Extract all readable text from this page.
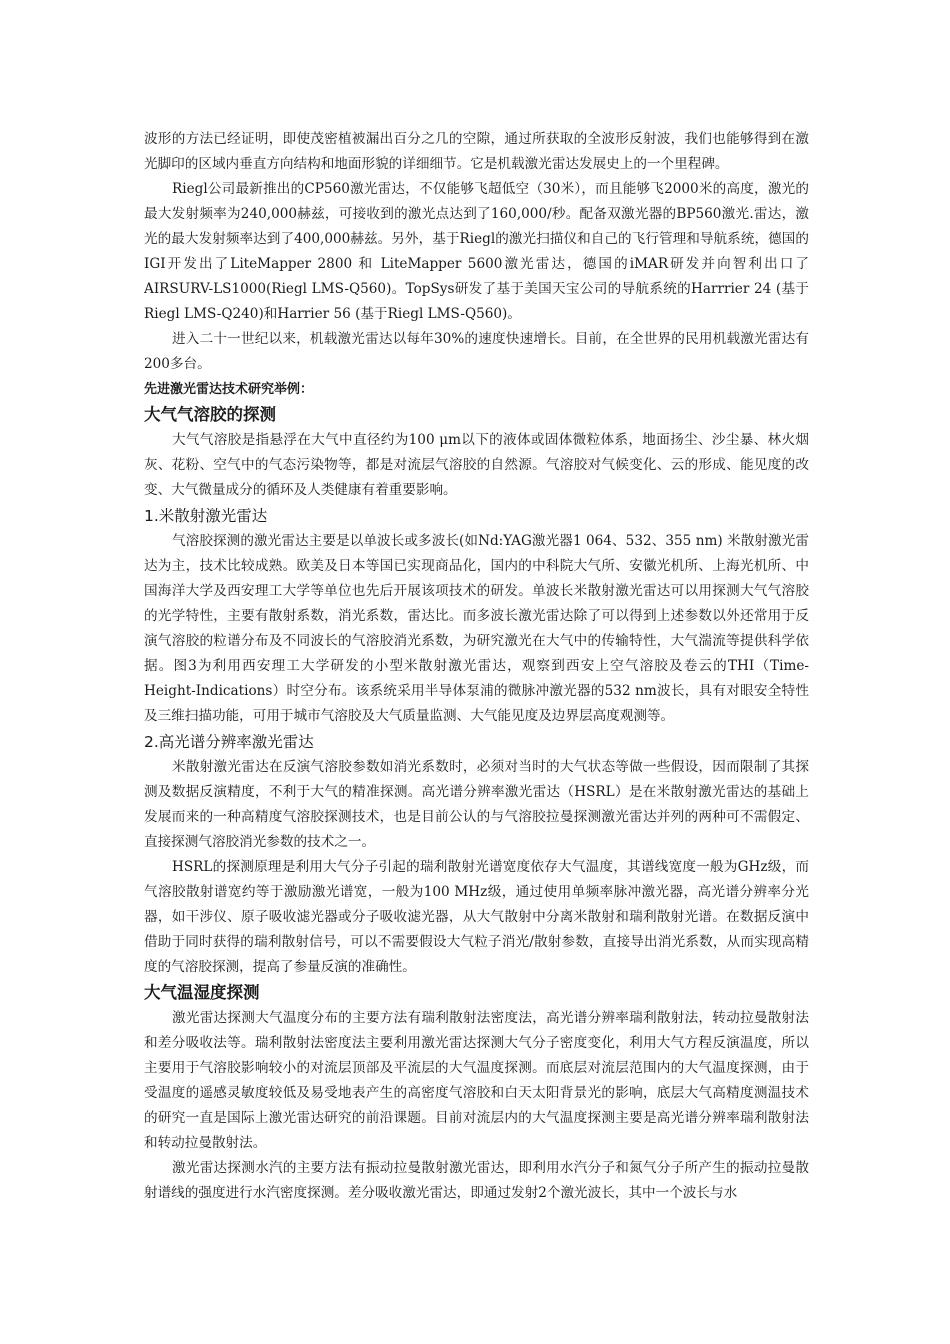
波形的方法已经证明，即使茂密植被漏出百分之几的空隙，通过所获取的全波形反射波，我们也能够得到在激光脚印的区域内垂直方向结构和地面形貌的详细细节。它是机载激光雷达发展史上的一个里程碑。

Riegl公司最新推出的CP560激光雷达，不仅能够飞超低空（30米），而且能够飞2000米的高度，激光的最大发射频率为240,000赫兹，可接收到的激光点达到了160,000/秒。配备双激光器的BP560激光.雷达，激光的最大发射频率达到了400,000赫兹。另外，基于Riegl的激光扫描仪和自己的飞行管理和导航系统，德国的IGI开发出了LiteMapper 2800 和 LiteMapper 5600激光雷达，德国的iMAR研发并向智利出口了 AIRSURV-LS1000(Riegl LMS-Q560)。TopSys研发了基于美国天宝公司的导航系统的Harrrier 24 (基于Riegl LMS-Q240)和Harrier 56 (基于Riegl LMS-Q560)。

进入二十一世纪以来，机载激光雷达以每年30%的速度快速增长。目前，在全世界的民用机载激光雷达有200多台。

先进激光雷达技术研究举例：

大气气溶胶的探测

大气气溶胶是指悬浮在大气中直径约为100 μm以下的液体或固体微粒体系，地面扬尘、沙尘暴、林火烟灰、花粉、空气中的气态污染物等，都是对流层气溶胶的自然源。气溶胶对气候变化、云的形成、能见度的改变、大气微量成分的循环及人类健康有着重要影响。

1.米散射激光雷达

气溶胶探测的激光雷达主要是以单波长或多波长(如Nd:YAG激光器1 064、532、355 nm) 米散射激光雷达为主，技术比较成熟。欧美及日本等国已实现商品化，国内的中科院大气所、安徽光机所、上海光机所、中国海洋大学及西安理工大学等单位也先后开展该项技术的研发。单波长米散射激光雷达可以用探测大气气溶胶的光学特性，主要有散射系数，消光系数，雷达比。而多波长激光雷达除了可以得到上述参数以外还常用于反演气溶胶的粒谱分布及不同波长的气溶胶消光系数，为研究激光在大气中的传输特性，大气湍流等提供科学依据。图3为利用西安理工大学研发的小型米散射激光雷达，观察到西安上空气溶胶及卷云的THI（Time-Height-Indications）时空分布。该系统采用半导体泵浦的微脉冲激光器的532 nm波长，具有对眼安全特性及三维扫描功能，可用于城市气溶胶及大气质量监测、大气能见度及边界层高度观测等。

2.高光谱分辨率激光雷达

米散射激光雷达在反演气溶胶参数如消光系数时，必须对当时的大气状态等做一些假设，因而限制了其探测及数据反演精度，不利于大气的精准探测。高光谱分辨率激光雷达（HSRL）是在米散射激光雷达的基础上发展而来的一种高精度气溶胶探测技术，也是目前公认的与气溶胶拉曼探测激光雷达并列的两种可不需假定、直接探测气溶胶消光参数的技术之一。

HSRL的探测原理是利用大气分子引起的瑞利散射光谱宽度依存大气温度，其谱线宽度一般为GHz级，而气溶胶散射谱宽约等于激励激光谱宽，一般为100 MHz级，通过使用单频率脉冲激光器，高光谱分辨率分光器，如干涉仪、原子吸收滤光器或分子吸收滤光器，从大气散射中分离米散射和瑞利散射光谱。在数据反演中借助于同时获得的瑞利散射信号，可以不需要假设大气粒子消光/散射参数，直接导出消光系数，从而实现高精度的气溶胶探测，提高了参量反演的准确性。

大气温湿度探测

激光雷达探测大气温度分布的主要方法有瑞利散射法密度法，高光谱分辨率瑞利散射法，转动拉曼散射法和差分吸收法等。瑞利散射法密度法主要利用激光雷达探测大气分子密度变化，利用大气方程反演温度，所以主要用于气溶胶影响较小的对流层顶部及平流层的大气温度探测。而底层对流层范围内的大气温度探测，由于受温度的遥感灵敏度较低及易受地表产生的高密度气溶胶和白天太阳背景光的影响，底层大气高精度测温技术的研究一直是国际上激光雷达研究的前沿课题。目前对流层内的大气温度探测主要是高光谱分辨率瑞利散射法和转动拉曼散射法。

激光雷达探测水汽的主要方法有振动拉曼散射激光雷达，即利用水汽分子和氮气分子所产生的振动拉曼散射谱线的强度进行水汽密度探测。差分吸收激光雷达，即通过发射2个激光波长，其中一个波长与水
